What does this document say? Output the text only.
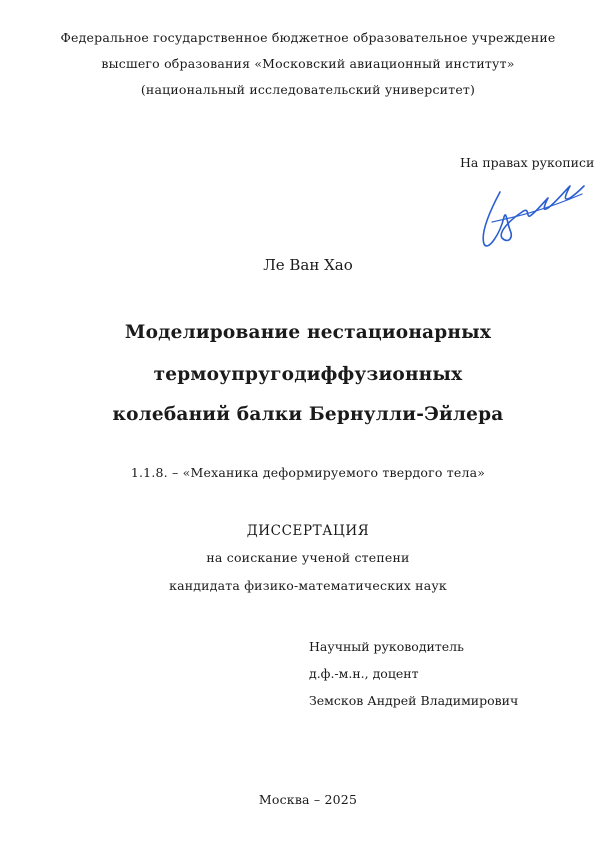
Федеральное государственное бюджетное образовательное учреждение
высшего образования «Московский авиационный институт»
(национальный исследовательский университет)
На правах рукописи
Ле Ван Хао
Моделирование нестационарных
термоупругодиффузионных
колебаний балки Бернулли-Эйлера
1.1.8. – «Механика деформируемого твердого тела»
ДИССЕРТАЦИЯ
на соискание ученой степени
кандидата физико-математических наук
Научный руководитель
д.ф.-м.н., доцент
Земсков Андрей Владимирович
Москва – 2025
